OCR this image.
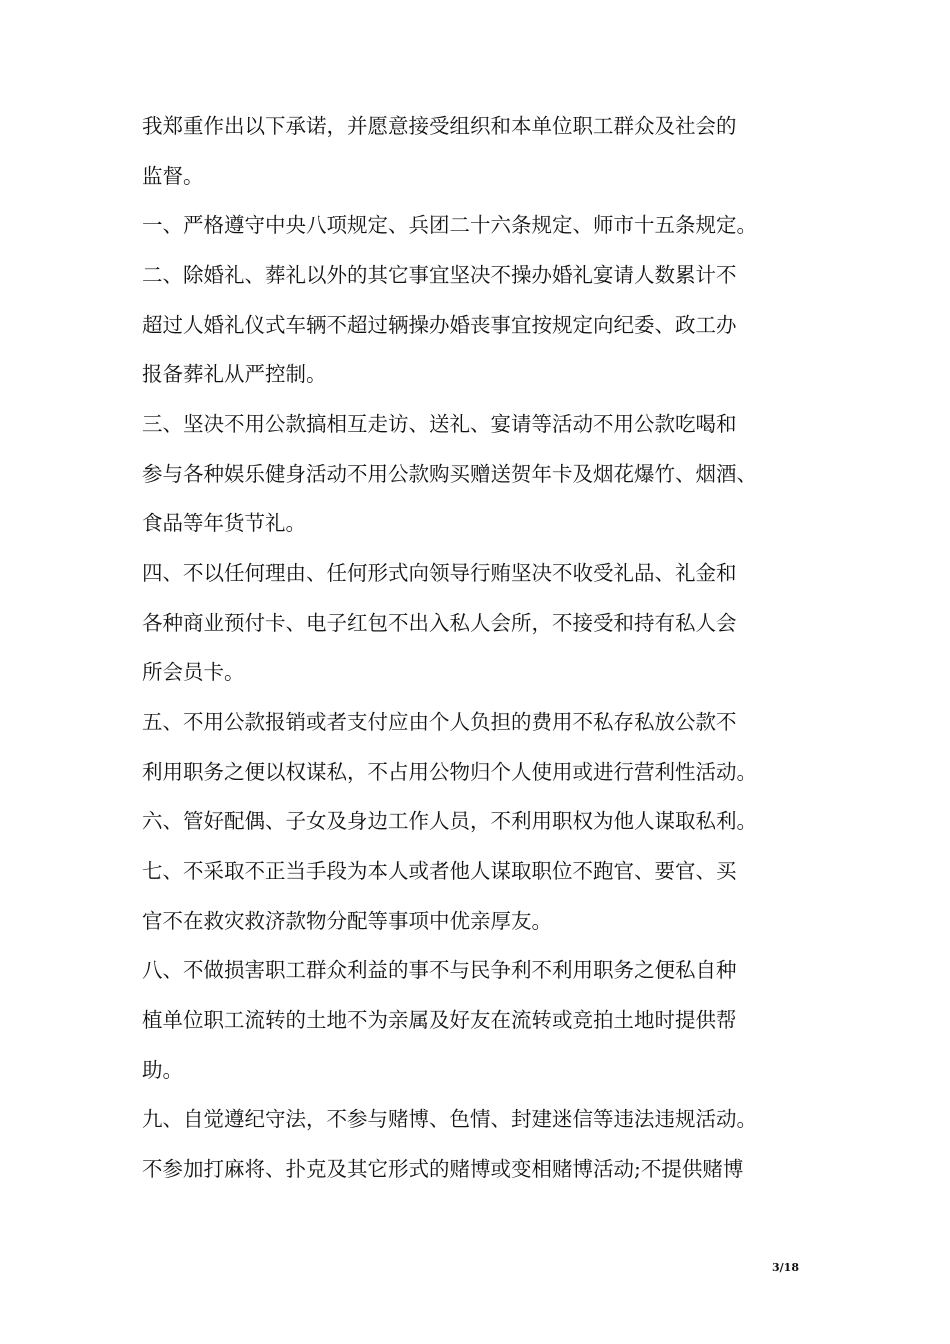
我郑重作出以下承诺，并愿意接受组织和本单位职工群众及社会的
监督。
一、严格遵守中央八项规定、兵团二十六条规定、师市十五条规定。
二、除婚礼、葬礼以外的其它事宜坚决不操办婚礼宴请人数累计不
超过人婚礼仪式车辆不超过辆操办婚丧事宜按规定向纪委、政工办
报备葬礼从严控制。
三、坚决不用公款搞相互走访、送礼、宴请等活动不用公款吃喝和
参与各种娱乐健身活动不用公款购买赠送贺年卡及烟花爆竹、烟酒、
食品等年货节礼。
四、不以任何理由、任何形式向领导行贿坚决不收受礼品、礼金和
各种商业预付卡、电子红包不出入私人会所，不接受和持有私人会
所会员卡。
五、不用公款报销或者支付应由个人负担的费用不私存私放公款不
利用职务之便以权谋私，不占用公物归个人使用或进行营利性活动。
六、管好配偶、子女及身边工作人员，不利用职权为他人谋取私利。
七、不采取不正当手段为本人或者他人谋取职位不跑官、要官、买
官不在救灾救济款物分配等事项中优亲厚友。
八、不做损害职工群众利益的事不与民争利不利用职务之便私自种
植单位职工流转的土地不为亲属及好友在流转或竞拍土地时提供帮
助。
九、自觉遵纪守法，不参与赌博、色情、封建迷信等违法违规活动。
不参加打麻将、扑克及其它形式的赌博或变相赌博活动;不提供赌博
3/18
